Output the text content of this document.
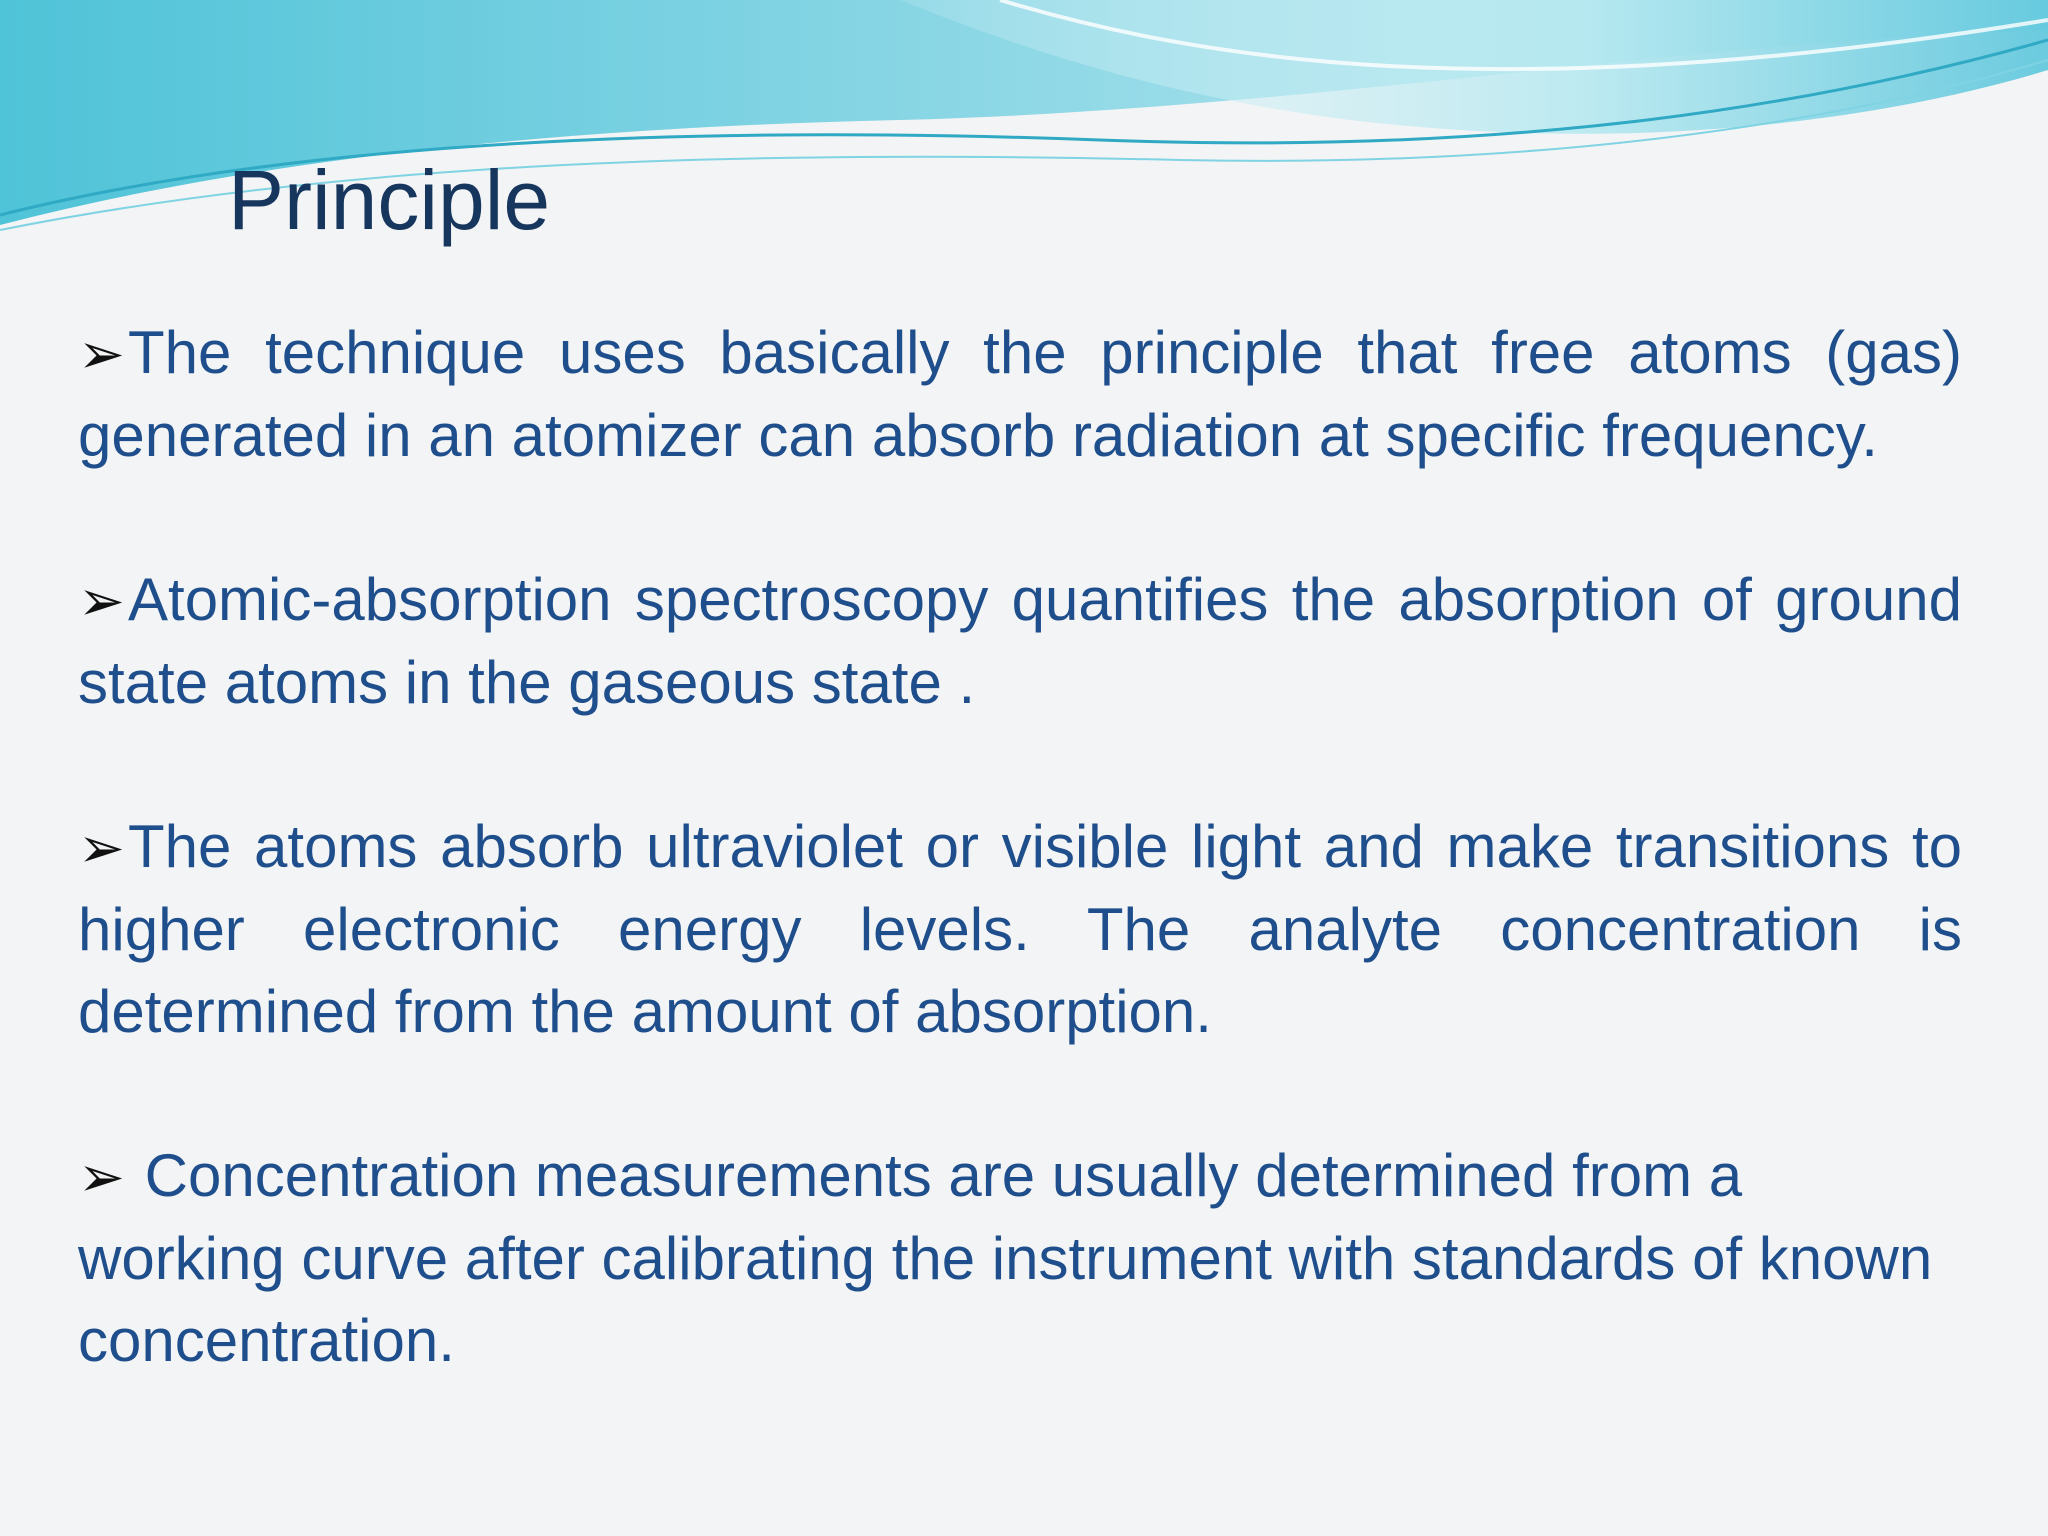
Principle

➢The technique uses basically the principle that free atoms (gas) generated in an atomizer can absorb radiation at specific frequency.

➢Atomic-absorption spectroscopy quantifies the absorption of ground state atoms in the gaseous state .

➢The atoms absorb ultraviolet or visible light and make transitions to higher electronic energy levels. The analyte concentration is determined from the amount of absorption.

➢ Concentration measurements are usually determined from a working curve after calibrating the instrument with standards of known concentration.
